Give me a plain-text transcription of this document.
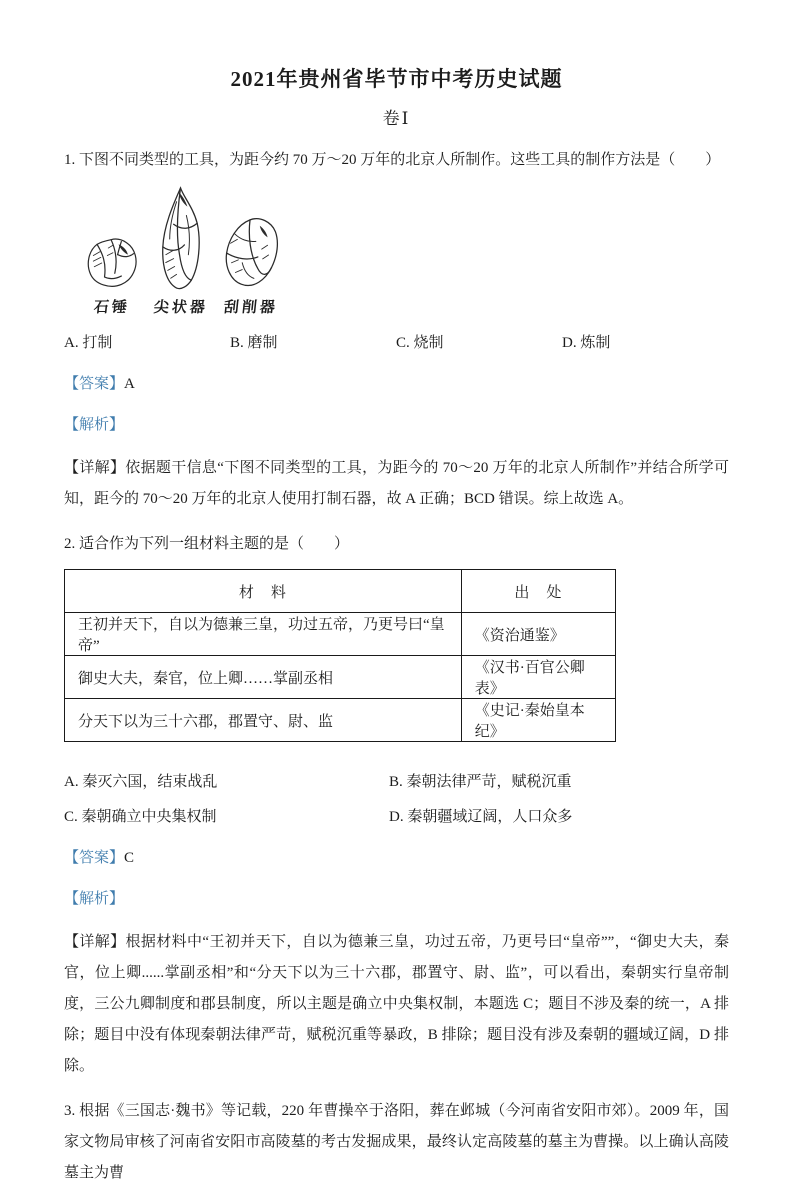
2021年贵州省毕节市中考历史试题
卷Ⅰ

1. 下图不同类型的工具，为距今约 70 万～20 万年的北京人所制作。这些工具的制作方法是（　　）

石锤 尖状器 刮削器
A. 打制	B. 磨制	C. 烧制	D. 炼制

【答案】A

【解析】

【详解】依据题干信息“下图不同类型的工具，为距今的 70～20 万年的北京人所制作”并结合所学可知，距今的 70～20 万年的北京人使用打制石器，故 A 正确；BCD 错误。综上故选 A。

2. 适合作为下列一组材料主题的是（　　）

材　料	出　处
王初并天下，自以为德兼三皇，功过五帝，乃更号曰“皇帝”	《资治通鉴》
御史大夫，秦官，位上卿……掌副丞相	《汉书·百官公卿表》
分天下以为三十六郡，郡置守、尉、监	《史记·秦始皇本纪》
A. 秦灭六国，结束战乱	B. 秦朝法律严苛，赋税沉重
C. 秦朝确立中央集权制	D. 秦朝疆域辽阔，人口众多

【答案】C

【解析】

【详解】根据材料中“王初并天下，自以为德兼三皇，功过五帝，乃更号曰“皇帝””，“御史大夫，秦官，位上卿......掌副丞相”和“分天下以为三十六郡，郡置守、尉、监”，可以看出，秦朝实行皇帝制度，三公九卿制度和郡县制度，所以主题是确立中央集权制，本题选 C；题目不涉及秦的统一，A 排除；题目中没有体现秦朝法律严苛，赋税沉重等暴政，B 排除；题目没有涉及秦朝的疆域辽阔，D 排除。

3. 根据《三国志·魏书》等记载，220 年曹操卒于洛阳，葬在邺城（今河南省安阳市郊）。2009 年，国家文物局审核了河南省安阳市高陵墓的考古发掘成果，最终认定高陵墓的墓主为曹操。以上确认高陵墓主为曹
